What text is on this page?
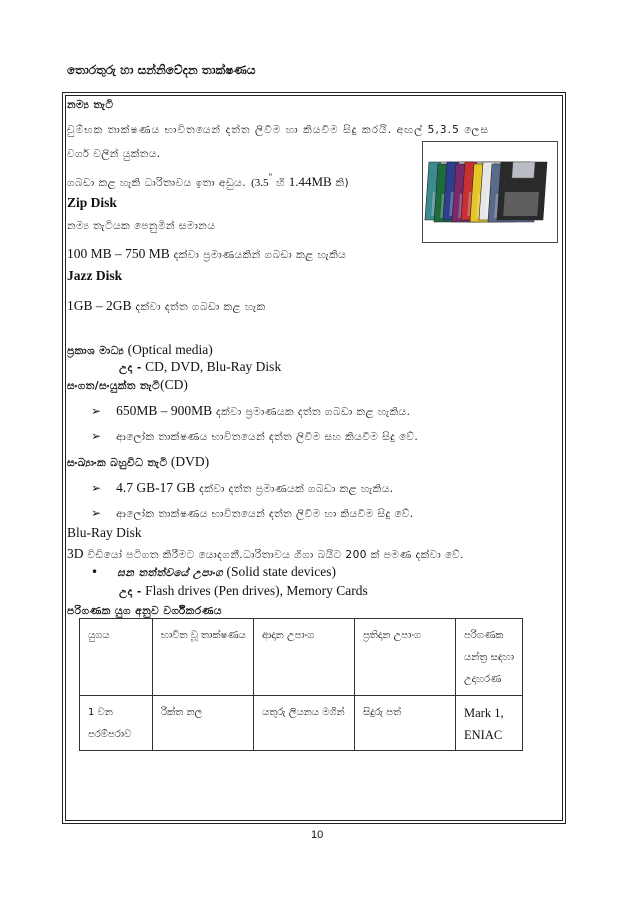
තොරතුරු හා සන්නිවේදන තාක්ෂණය
නම්‍ය තැටි
චුම්භක තාක්ෂණය භාවිතයෙන් දත්ත ලිවීම හා කියවීම සිදු කරයි. අඟල් 5,3.5 ලෙස
වර්ග වලින් යුක්තය.
ගබඩා කළ හැකි ධාරිතාවය ඉතා අඩුය. (3.5" හි 1.44MB කි)
Zip Disk
නම්‍ය තැටියක පෙනුමින් සමානය
100 MB – 750 MB දක්වා ප්‍රමාණයකින් ගබඩා කළ හැකිය
Jazz Disk
1GB – 2GB දක්වා දත්ත ගබඩා කළ හැක
ප්‍රකාශ මාධ්‍ය (Optical media)
උදා - CD, DVD, Blu-Ray Disk
සංගත/සංයුක්ත තැටි(CD)
➢ 650MB – 900MB දක්වා ප්‍රමාණයක දත්ත ගබඩා කළ හැකිය.
➢ ආලෝක තාක්ෂණය භාවිතයෙන් දත්ත ලිවීම සහ කියවීම සිදු වේ.
සංඛ්‍යාංක බහුවිධ තැටි (DVD)
➢ 4.7 GB-17 GB දක්වා දත්ත ප්‍රමාණයක් ගබඩා කළ හැකිය.
➢ ආලෝක තාක්ෂණය භාවිතයෙන් දත්ත ලිවීම හා කියවීම සිදු වේ.
Blu-Ray Disk
3D විඩියෝ පටිගත කිරීමට යොදගනී.ධාරිතාවය ගිගා බයිට 200 ක් පමණ දක්වා වේ.
• ඝන තත්ත්වයේ උපාංග (Solid state devices)
උදා - Flash drives (Pen drives), Memory Cards
පරිගණක යුග අනුව වර්ගීකරණය
යුගය	භාවිත වූ තාක්ෂණය	ආදාන උපාංග	ප්‍රතිදාන උපාංග	පරිගණක යන්ත්‍ර සඳහා උදාහරණ
1 වන පරම්පරාව	රික්ත නල	යතුරු ලියනය මගින්	සිදුරු පත්	Mark 1, ENIAC
10
